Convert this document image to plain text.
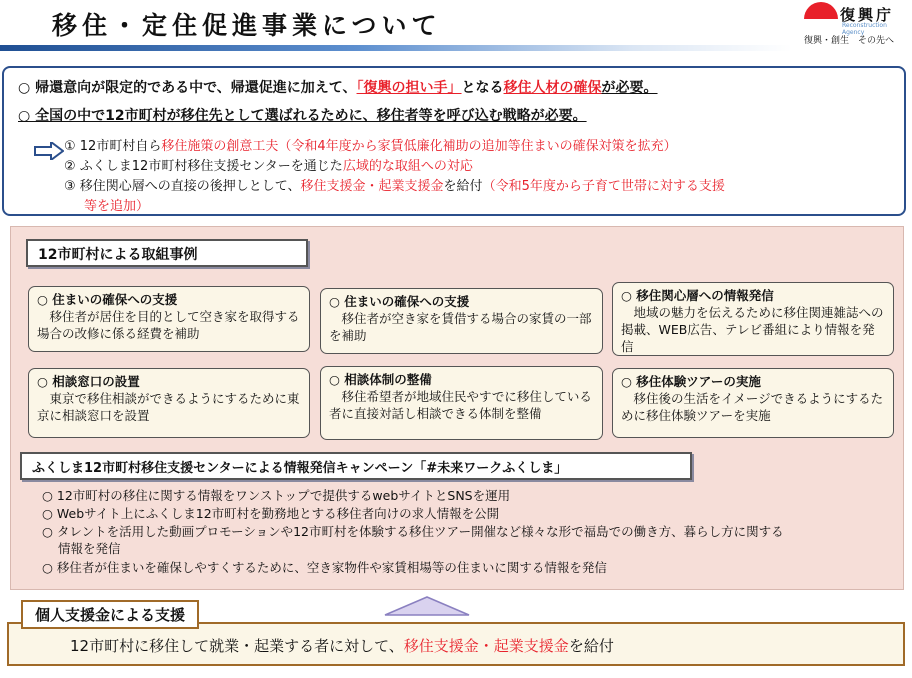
移住・定住促進事業について	復興庁
Reconstruction Agency
復興・創生　その先へ
○ 帰還意向が限定的である中で、帰還促進に加えて、「復興の担い手」となる移住人材の確保が必要。
○ 全国の中で12市町村が移住先として選ばれるために、移住者等を呼び込む戦略が必要。
① 12市町村自ら移住施策の創意工夫（令和4年度から家賃低廉化補助の追加等住まいの確保対策を拡充）
② ふくしま12市町村移住支援センターを通じた広域的な取組への対応
③ 移住関心層への直接の後押しとして、移住支援金・起業支援金を給付（令和5年度から子育て世帯に対する支援
等を追加）
12市町村による取組事例
○ 住まいの確保への支援
　移住者が居住を目的として空き家を取得する場合の改修に係る経費を補助
○ 住まいの確保への支援
　移住者が空き家を賃借する場合の家賃の一部を補助
○ 移住関心層への情報発信
　地域の魅力を伝えるために移住関連雑誌への掲載、WEB広告、テレビ番組により情報を発信
○ 相談窓口の設置
　東京で移住相談ができるようにするために東京に相談窓口を設置
○ 相談体制の整備
　移住希望者が地域住民やすでに移住している者に直接対話し相談できる体制を整備
○ 移住体験ツアーの実施
　移住後の生活をイメージできるようにするために移住体験ツアーを実施
ふくしま12市町村移住支援センターによる情報発信キャンペーン「#未来ワークふくしま」
○ 12市町村の移住に関する情報をワンストップで提供するwebサイトとSNSを運用
○ Webサイト上にふくしま12市町村を勤務地とする移住者向けの求人情報を公開
○ タレントを活用した動画プロモーションや12市町村を体験する移住ツアー開催など様々な形で福島での働き方、暮らし方に関する
情報を発信
○ 移住者が住まいを確保しやすくするために、空き家物件や家賃相場等の住まいに関する情報を発信
個人支援金による支援
12市町村に移住して就業・起業する者に対して、移住支援金・起業支援金を給付
